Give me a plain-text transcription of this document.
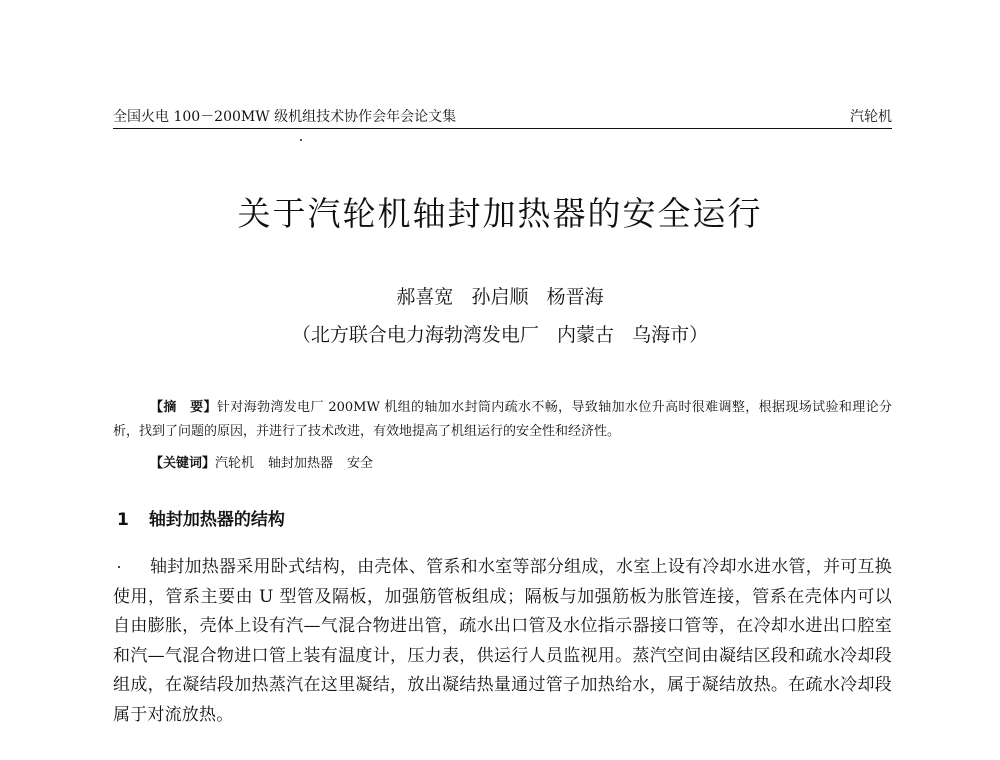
全国火电 100－200MW 级机组技术协作会年会论文集	汽轮机
关于汽轮机轴封加热器的安全运行
郝喜宽   孙启顺   杨晋海
（北方联合电力海勃湾发电厂   内蒙古   乌海市）
【摘　要】针对海勃湾发电厂 200MW 机组的轴加水封筒内疏水不畅，导致轴加水位升高时很难调整，根据现场试验和理论分析，找到了问题的原因，并进行了技术改进，有效地提高了机组运行的安全性和经济性。
【关键词】汽轮机 轴封加热器 安全
1 轴封加热器的结构
轴封加热器采用卧式结构，由壳体、管系和水室等部分组成，水室上设有冷却水进水管，并可互换使用，管系主要由 U 型管及隔板，加强筋管板组成；隔板与加强筋板为胀管连接，管系在壳体内可以自由膨胀，壳体上设有汽—气混合物进出管，疏水出口管及水位指示器接口管等，在冷却水进出口腔室和汽—气混合物进口管上装有温度计，压力表，供运行人员监视用。蒸汽空间由凝结区段和疏水冷却段组成，在凝结段加热蒸汽在这里凝结，放出凝结热量通过管子加热给水，属于凝结放热。在疏水冷却段属于对流放热。
